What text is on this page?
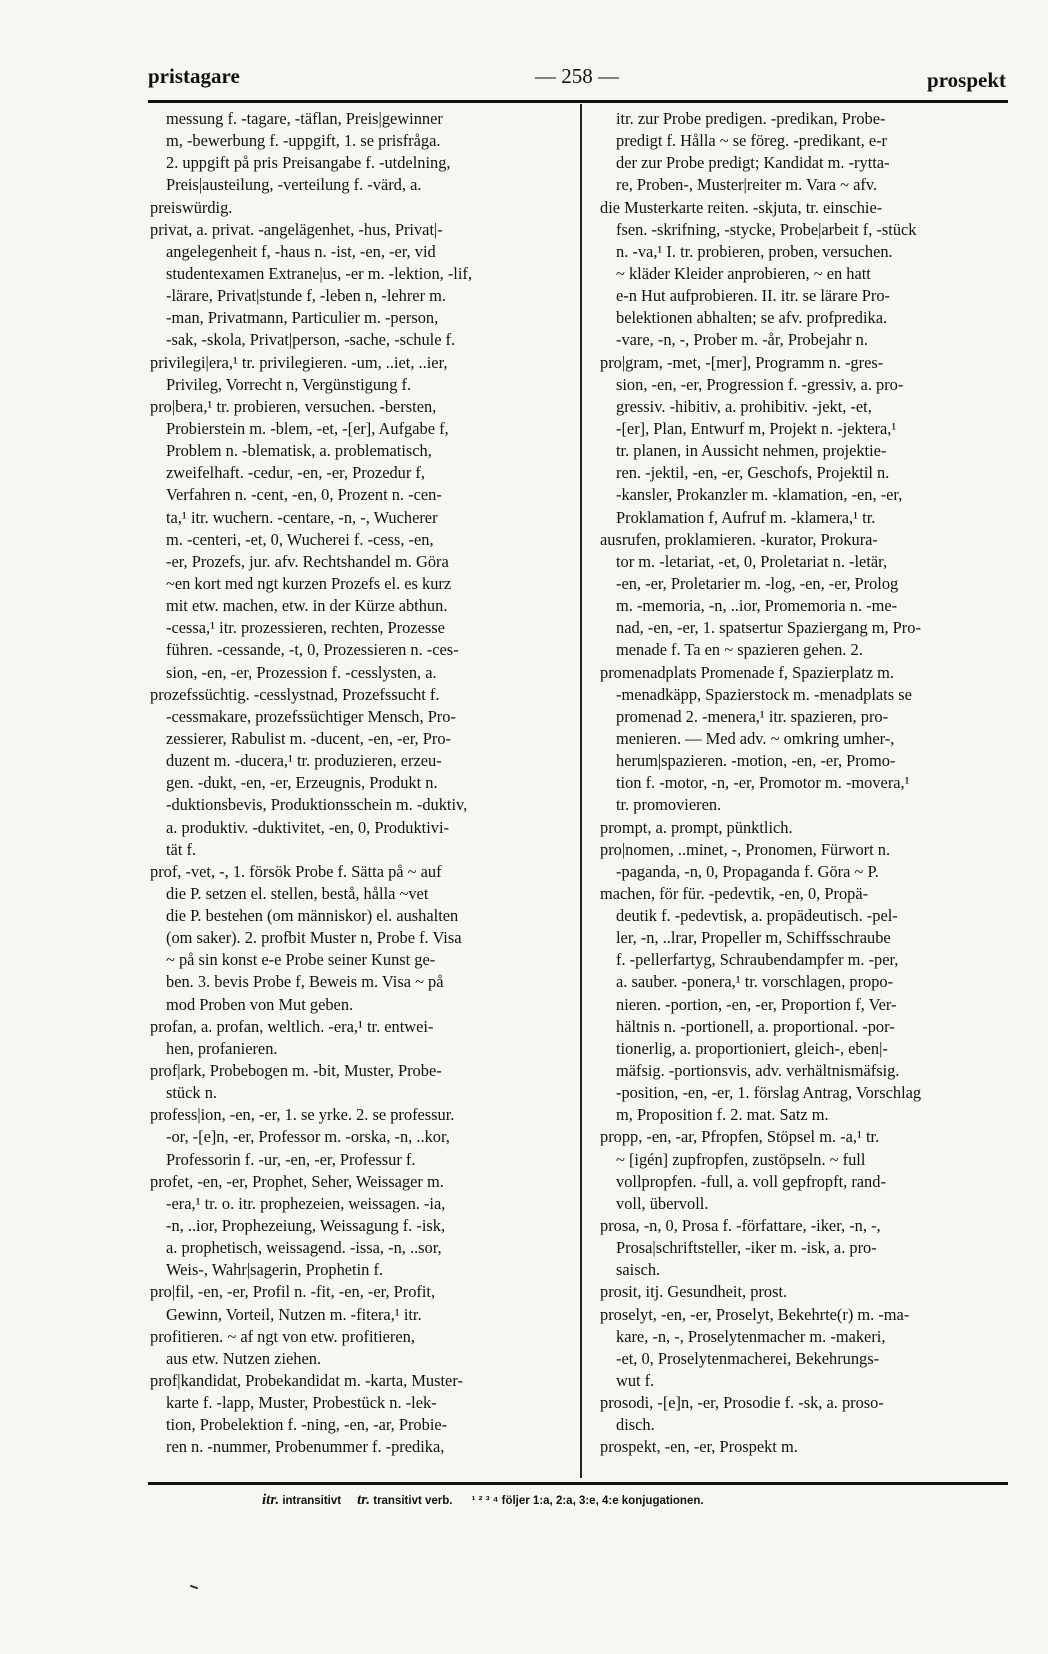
pristagare	— 258 —	prospekt
messung f. -tagare, -täflan, Preis|gewinner
m, -bewerbung f. -uppgift, 1. se prisfråga.
2. uppgift på pris Preisangabe f. -utdelning,
Preis|austeilung, -verteilung f. -värd, a.
preiswürdig.
privat, a. privat. -angelägenhet, -hus, Privat|-
angelegenheit f, -haus n. -ist, -en, -er, vid
studentexamen Extrane|us, -er m. -lektion, -lif,
-lärare, Privat|stunde f, -leben n, -lehrer m.
-man, Privatmann, Particulier m. -person,
-sak, -skola, Privat|person, -sache, -schule f.
privilegi|era,¹ tr. privilegieren. -um, ..iet, ..ier,
Privileg, Vorrecht n, Vergünstigung f.
pro|bera,¹ tr. probieren, versuchen. -bersten,
Probierstein m. -blem, -et, -[er], Aufgabe f,
Problem n. -blematisk, a. problematisch,
zweifelhaft. -cedur, -en, -er, Prozedur f,
Verfahren n. -cent, -en, 0, Prozent n. -cen-
ta,¹ itr. wuchern. -centare, -n, -, Wucherer
m. -centeri, -et, 0, Wucherei f. -cess, -en,
-er, Prozefs, jur. afv. Rechtshandel m. Göra
~en kort med ngt kurzen Prozefs el. es kurz
mit etw. machen, etw. in der Kürze abthun.
-cessa,¹ itr. prozessieren, rechten, Prozesse
führen. -cessande, -t, 0, Prozessieren n. -ces-
sion, -en, -er, Prozession f. -cesslysten, a.
prozefssüchtig. -cesslystnad, Prozefssucht f.
-cessmakare, prozefssüchtiger Mensch, Pro-
zessierer, Rabulist m. -ducent, -en, -er, Pro-
duzent m. -ducera,¹ tr. produzieren, erzeu-
gen. -dukt, -en, -er, Erzeugnis, Produkt n.
-duktionsbevis, Produktionsschein m. -duktiv,
a. produktiv. -duktivitet, -en, 0, Produktivi-
tät f.
prof, -vet, -, 1. försök Probe f. Sätta på ~ auf
die P. setzen el. stellen, bestå, hålla ~vet
die P. bestehen (om människor) el. aushalten
(om saker). 2. profbit Muster n, Probe f. Visa
~ på sin konst e-e Probe seiner Kunst ge-
ben. 3. bevis Probe f, Beweis m. Visa ~ på
mod Proben von Mut geben.
profan, a. profan, weltlich. -era,¹ tr. entwei-
hen, profanieren.
prof|ark, Probebogen m. -bit, Muster, Probe-
stück n.
profess|ion, -en, -er, 1. se yrke. 2. se professur.
-or, -[e]n, -er, Professor m. -orska, -n, ..kor,
Professorin f. -ur, -en, -er, Professur f.
profet, -en, -er, Prophet, Seher, Weissager m.
-era,¹ tr. o. itr. prophezeien, weissagen. -ia,
-n, ..ior, Prophezeiung, Weissagung f. -isk,
a. prophetisch, weissagend. -issa, -n, ..sor,
Weis-, Wahr|sagerin, Prophetin f.
pro|fil, -en, -er, Profil n. -fit, -en, -er, Profit,
Gewinn, Vorteil, Nutzen m. -fitera,¹ itr.
profitieren. ~ af ngt von etw. profitieren,
aus etw. Nutzen ziehen.
prof|kandidat, Probekandidat m. -karta, Muster-
karte f. -lapp, Muster, Probestück n. -lek-
tion, Probelektion f. -ning, -en, -ar, Probie-
ren n. -nummer, Probenummer f. -predika,
itr. zur Probe predigen. -predikan, Probe-
predigt f. Hålla ~ se föreg. -predikant, e-r
der zur Probe predigt; Kandidat m. -rytta-
re, Proben-, Muster|reiter m. Vara ~ afv.
die Musterkarte reiten. -skjuta, tr. einschie-
fsen. -skrifning, -stycke, Probe|arbeit f, -stück
n. -va,¹ I. tr. probieren, proben, versuchen.
~ kläder Kleider anprobieren, ~ en hatt
e-n Hut aufprobieren. II. itr. se lärare Pro-
belektionen abhalten; se afv. profpredika.
-vare, -n, -, Prober m. -år, Probejahr n.
pro|gram, -met, -[mer], Programm n. -gres-
sion, -en, -er, Progression f. -gressiv, a. pro-
gressiv. -hibitiv, a. prohibitiv. -jekt, -et,
-[er], Plan, Entwurf m, Projekt n. -jektera,¹
tr. planen, in Aussicht nehmen, projektie-
ren. -jektil, -en, -er, Geschofs, Projektil n.
-kansler, Prokanzler m. -klamation, -en, -er,
Proklamation f, Aufruf m. -klamera,¹ tr.
ausrufen, proklamieren. -kurator, Prokura-
tor m. -letariat, -et, 0, Proletariat n. -letär,
-en, -er, Proletarier m. -log, -en, -er, Prolog
m. -memoria, -n, ..ior, Promemoria n. -me-
nad, -en, -er, 1. spatsertur Spaziergang m, Pro-
menade f. Ta en ~ spazieren gehen. 2.
promenadplats Promenade f, Spazierplatz m.
-menadkäpp, Spazierstock m. -menadplats se
promenad 2. -menera,¹ itr. spazieren, pro-
menieren. — Med adv. ~ omkring umher-,
herum|spazieren. -motion, -en, -er, Promo-
tion f. -motor, -n, -er, Promotor m. -movera,¹
tr. promovieren.
prompt, a. prompt, pünktlich.
pro|nomen, ..minet, -, Pronomen, Fürwort n.
-paganda, -n, 0, Propaganda f. Göra ~ P.
machen, för für. -pedevtik, -en, 0, Propä-
deutik f. -pedevtisk, a. propädeutisch. -pel-
ler, -n, ..lrar, Propeller m, Schiffsschraube
f. -pellerfartyg, Schraubendampfer m. -per,
a. sauber. -ponera,¹ tr. vorschlagen, propo-
nieren. -portion, -en, -er, Proportion f, Ver-
hältnis n. -portionell, a. proportional. -por-
tionerlig, a. proportioniert, gleich-, eben|-
mäfsig. -portionsvis, adv. verhältnismäfsig.
-position, -en, -er, 1. förslag Antrag, Vorschlag
m, Proposition f. 2. mat. Satz m.
propp, -en, -ar, Pfropfen, Stöpsel m. -a,¹ tr.
~ [igén] zupfropfen, zustöpseln. ~ full
vollpropfen. -full, a. voll gepfropft, rand-
voll, übervoll.
prosa, -n, 0, Prosa f. -författare, -iker, -n, -,
Prosa|schriftsteller, -iker m. -isk, a. pro-
saisch.
prosit, itj. Gesundheit, prost.
proselyt, -en, -er, Proselyt, Bekehrte(r) m. -ma-
kare, -n, -, Proselytenmacher m. -makeri,
-et, 0, Proselytenmacherei, Bekehrungs-
wut f.
prosodi, -[e]n, -er, Prosodie f. -sk, a. proso-
disch.
prospekt, -en, -er, Prospekt m.
itr. intransitivt tr. transitivt verb. ¹ ² ³ ⁴ följer 1:a, 2:a, 3:e, 4:e konjugationen.
